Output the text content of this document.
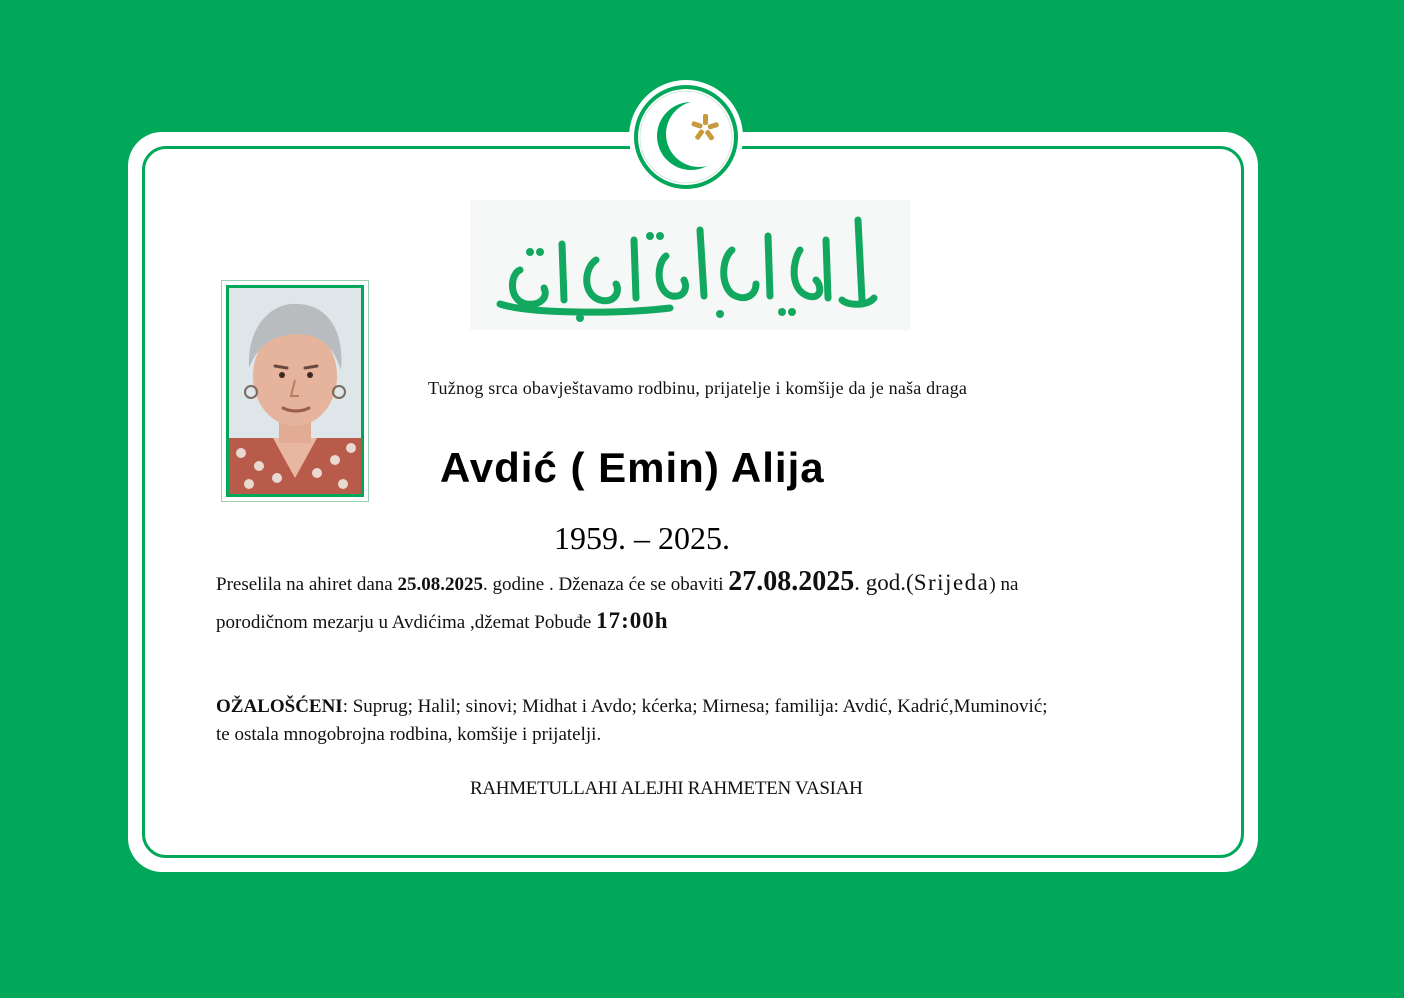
Tužnog srca obavještavamo rodbinu, prijatelje i komšije da je naša draga
Avdić ( Emin) Alija
1959. – 2025.
Preselila na ahiret dana 25.08.2025. godine . Dženaza će se obaviti 27.08.2025. god.(Srijeda) na
porodičnom mezarju u Avdićima ,džemat Pobuđe 17:00h
OŽALOŠĆENI: Suprug; Halil; sinovi; Midhat i Avdo; kćerka; Mirnesa; familija: Avdić, Kadrić,Muminović;
te ostala mnogobrojna rodbina, komšije i prijatelji.
RAHMETULLAHI ALEJHI RAHMETEN VASIAH
